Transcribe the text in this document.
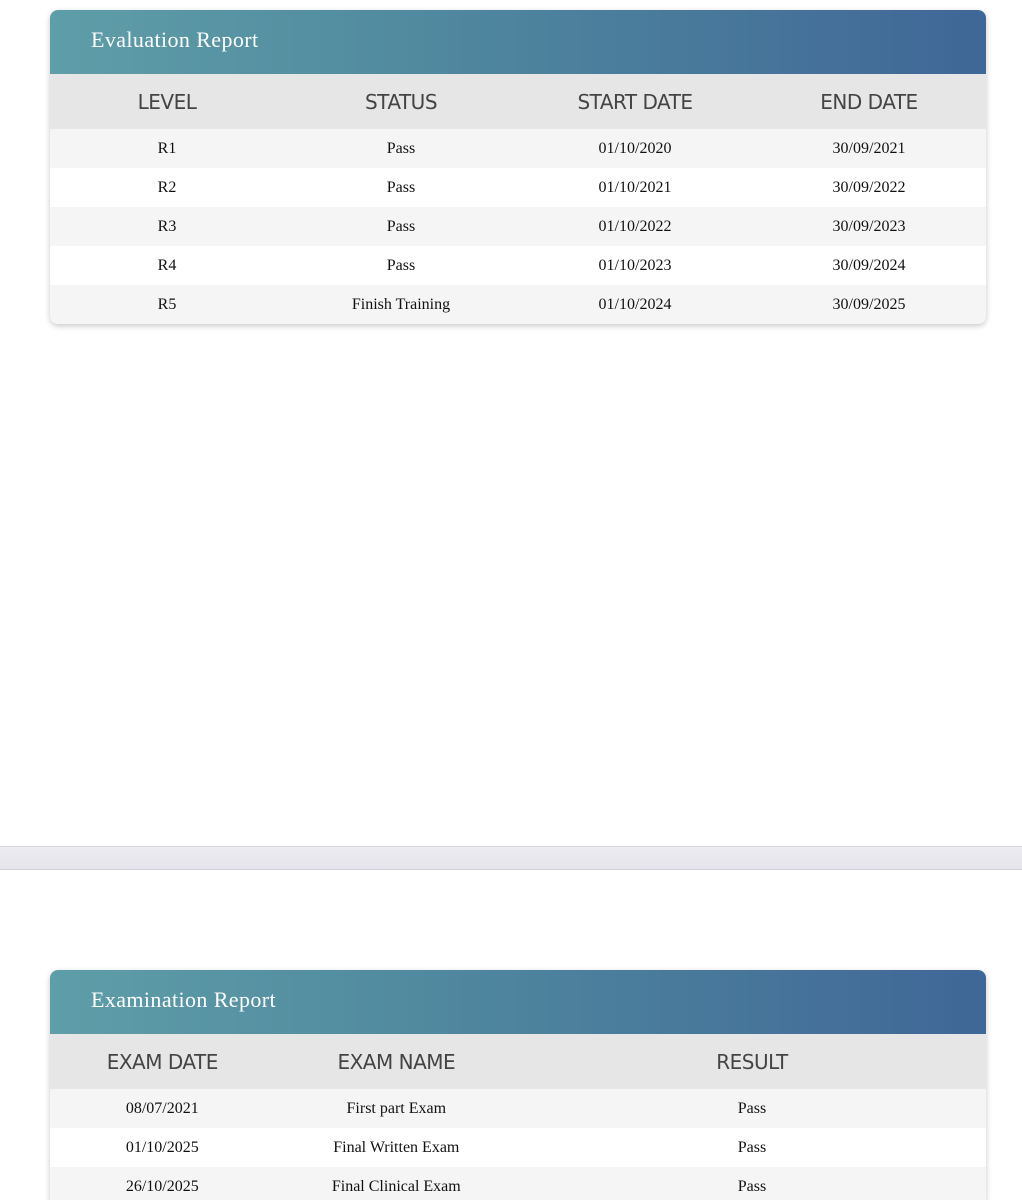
Evaluation Report
LEVEL	STATUS	START DATE	END DATE
R1	Pass	01/10/2020	30/09/2021
R2	Pass	01/10/2021	30/09/2022
R3	Pass	01/10/2022	30/09/2023
R4	Pass	01/10/2023	30/09/2024
R5	Finish Training	01/10/2024	30/09/2025
Examination Report
EXAM DATE	EXAM NAME	RESULT
08/07/2021	First part Exam	Pass
01/10/2025	Final Written Exam	Pass
26/10/2025	Final Clinical Exam	Pass
